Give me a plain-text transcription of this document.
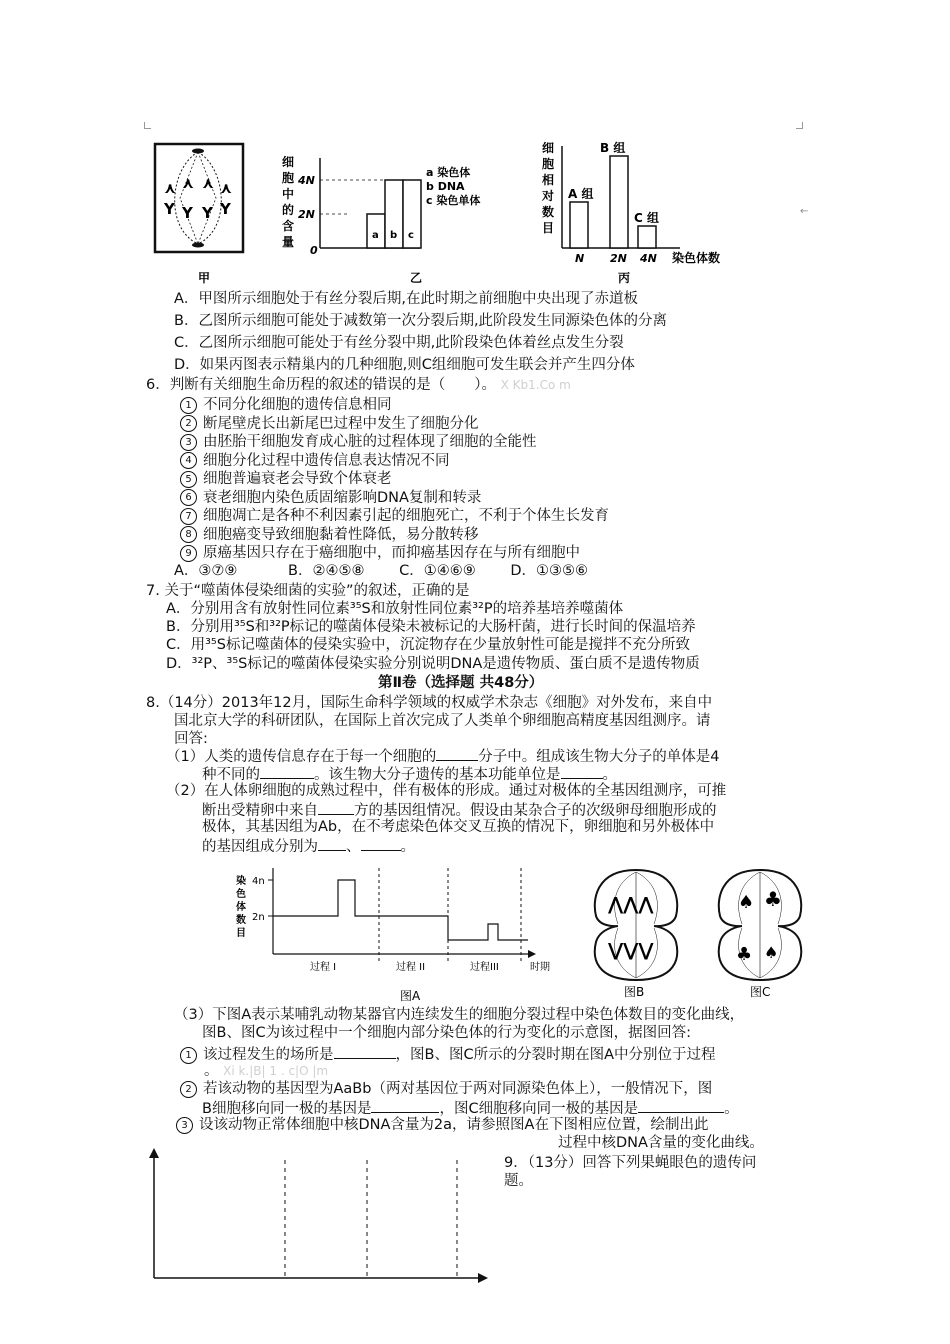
←
⋏ ⋏ ⋏ ⋏
Y Y Y Y
甲
细
胞
中
的
含
量
4N
2N
0
a b c
a 染色体
b DNA
c 染色单体
乙
细
胞
相
对
数
目
A 组
B 组
C 组
N 2N 4N 染色体数
丙
A．甲图所示细胞处于有丝分裂后期,在此时期之前细胞中央出现了赤道板
B．乙图所示细胞可能处于减数第一次分裂后期,此阶段发生同源染色体的分离
C．乙图所示细胞可能处于有丝分裂中期,此阶段染色体着丝点发生分裂
D．如果丙图表示精巢内的几种细胞,则C组细胞可发生联会并产生四分体
6．判断有关细胞生命历程的叙述的错误的是（　　）。 X Kb1.Co m
1 不同分化细胞的遗传信息相同
2 断尾壁虎长出新尾巴过程中发生了细胞分化
3 由胚胎干细胞发育成心脏的过程体现了细胞的全能性
4 细胞分化过程中遗传信息表达情况不同
5 细胞普遍衰老会导致个体衰老
6 衰老细胞内染色质固缩影响DNA复制和转录
7 细胞凋亡是各种不利因素引起的细胞死亡，不利于个体生长发育
8 细胞癌变导致细胞黏着性降低，易分散转移
9 原癌基因只存在于癌细胞中，而抑癌基因存在与所有细胞中
A．③⑦⑨	B．②④⑤⑧ C．①④⑥⑨ D．①③⑤⑥
7. 关于“噬菌体侵染细菌的实验”的叙述，正确的是
A．分别用含有放射性同位素³⁵S和放射性同位素³²P的培养基培养噬菌体
B．分别用³⁵S和³²P标记的噬菌体侵染未被标记的大肠杆菌，进行长时间的保温培养
C．用³⁵S标记噬菌体的侵染实验中，沉淀物存在少量放射性可能是搅拌不充分所致
D．³²P、³⁵S标记的噬菌体侵染实验分别说明DNA是遗传物质、蛋白质不是遗传物质
第Ⅱ卷（选择题 共48分）
8.（14分）2013年12月，国际生命科学领域的权威学术杂志《细胞》对外发布，来自中
国北京大学的科研团队，在国际上首次完成了人类单个卵细胞高精度基因组测序。请
回答:
（1）人类的遗传信息存在于每一个细胞的	分子中。组成该生物大分子的单体是4
种不同的	。该生物大分子遗传的基本功能单位是	。
（2）在人体卵细胞的成熟过程中，伴有极体的形成。通过对极体的全基因组测序，可推
断出受精卵中来自 方的基因组情况。假设由某杂合子的次级卵母细胞形成的
极体，其基因组为Ab，在不考虑染色体交叉互换的情况下，卵细胞和另外极体中
的基因组成分别为 、	。
染
色
体
数
目
4n
2n
过程 I	过程 II	过程III	时期
图A
⋀⋀⋀
⋁⋁⋁
图B
♠ ♣
♣ ♠
图C
（3）下图A表示某哺乳动物某器官内连续发生的细胞分裂过程中染色体数目的变化曲线，
图B、图C为该过程中一个细胞内部分染色体的行为变化的示意图，据图回答:
1 该过程发生的场所是	，图B、图C所示的分裂时期在图A中分别位于过程
。 Xi k.|B| 1 . c|O |m
2 若该动物的基因型为AaBb（两对基因位于两对同源染色体上），一般情况下，图
B细胞移向同一极的基因是	，图C细胞移向同一极的基因是	。
3 设该动物正常体细胞中核DNA含量为2a，请参照图A在下图相应位置，绘制出此
过程中核DNA含量的变化曲线。
9．（13分）回答下列果蝇眼色的遗传问
题。
